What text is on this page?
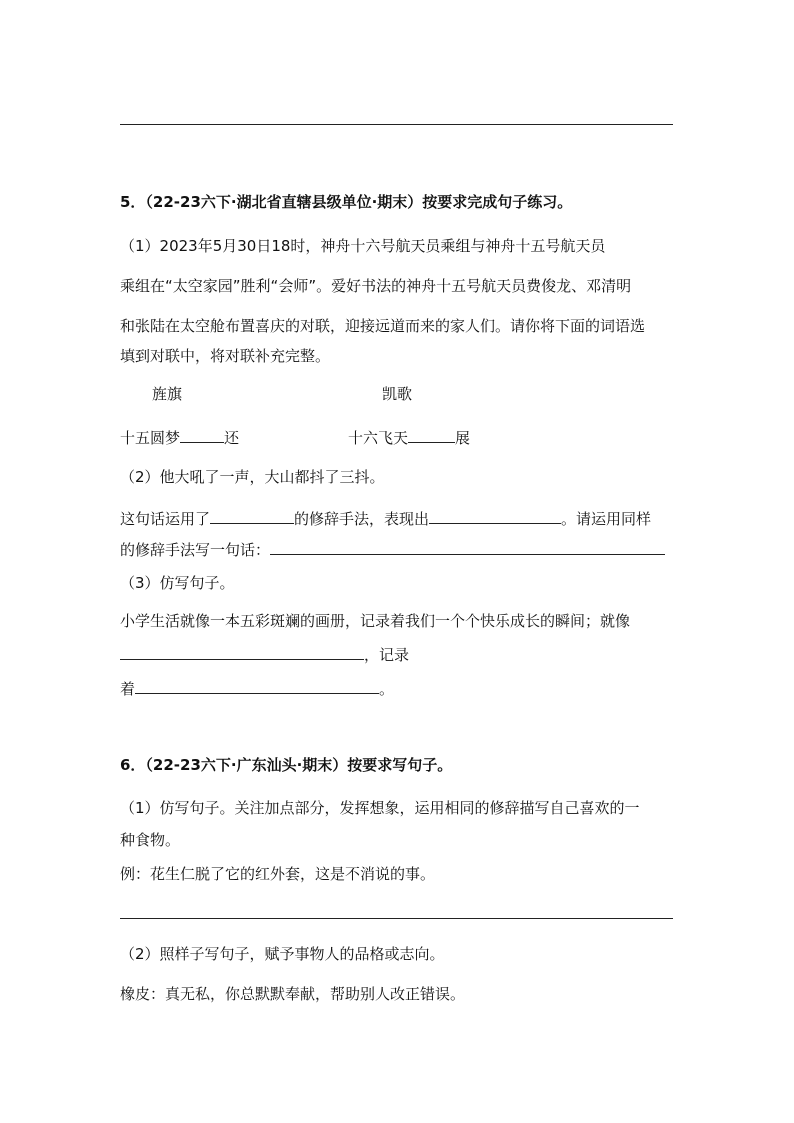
5．（22-23六下·湖北省直辖县级单位·期末）按要求完成句子练习。
（1）2023年5月30日18时，神舟十六号航天员乘组与神舟十五号航天员
乘组在“太空家园”胜利“会师”。爱好书法的神舟十五号航天员费俊龙、邓清明
和张陆在太空舱布置喜庆的对联，迎接远道而来的家人们。请你将下面的词语选
填到对联中，将对联补充完整。
旌旗	凯歌
十五圆梦	还	十六飞天	展
（2）他大吼了一声，大山都抖了三抖。
这句话运用了	的修辞手法，表现出	。请运用同样
的修辞手法写一句话：
（3）仿写句子。
小学生活就像一本五彩斑斓的画册，记录着我们一个个快乐成长的瞬间；就像
，记录
着	。
6．（22-23六下·广东汕头·期末）按要求写句子。
（1）仿写句子。关注加点部分，发挥想象，运用相同的修辞描写自己喜欢的一
种食物。
例：花生仁脱了它的红外套，这是不消说的事。
（2）照样子写句子，赋予事物人的品格或志向。
橡皮：真无私，你总默默奉献，帮助别人改正错误。
